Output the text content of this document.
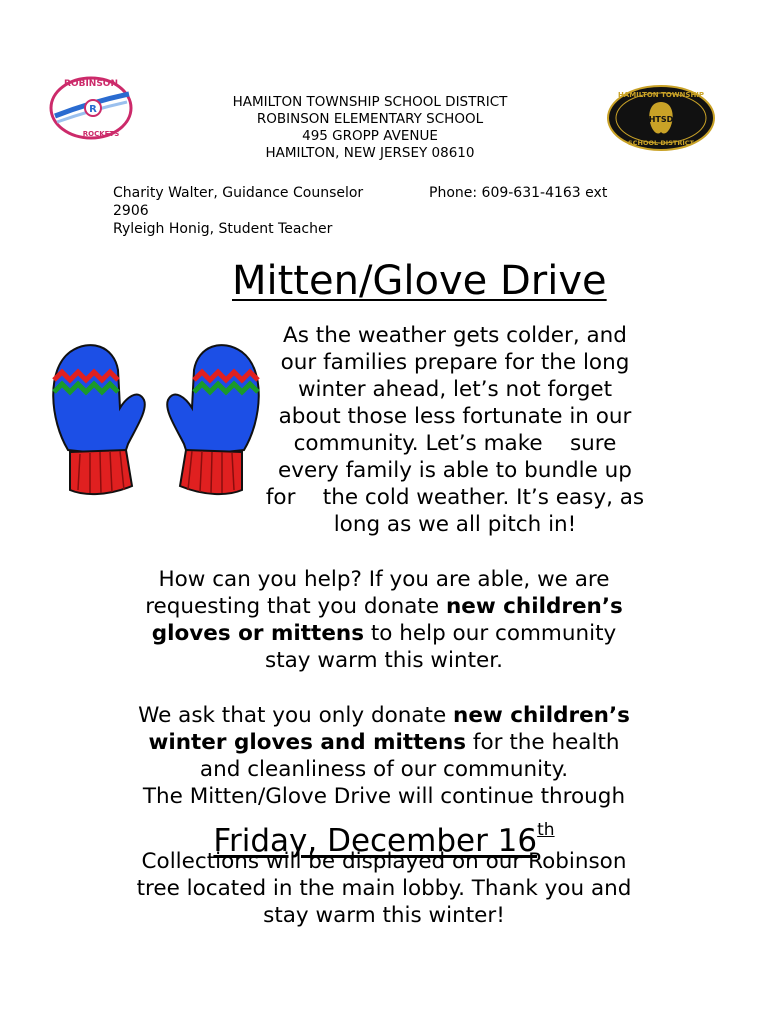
R
ROBINSON
ROCKETS
HAMILTON TOWNSHIP SCHOOL DISTRICT
ROBINSON ELEMENTARY SCHOOL
495 GROPP AVENUE
HAMILTON, NEW JERSEY 08610
HTSD
HAMILTON TOWNSHIP
SCHOOL DISTRICT
Charity Walter, Guidance Counselor	Phone: 609-631-4163 ext
2906
Ryleigh Honig, Student Teacher
Mitten/Glove Drive
As the weather gets colder, and
our families prepare for the long
winter ahead, let’s not forget
about those less fortunate in our
community. Let’s make    sure
every family is able to bundle up
for    the cold weather. It’s easy, as
long as we all pitch in!
How can you help? If you are able, we are
requesting that you donate new children’s
gloves or mittens to help our community
stay warm this winter.
We ask that you only donate new children’s
winter gloves and mittens for the health
and cleanliness of our community.
The Mitten/Glove Drive will continue through
Friday, December 16th
Collections will be displayed on our Robinson
tree located in the main lobby. Thank you and
stay warm this winter!
